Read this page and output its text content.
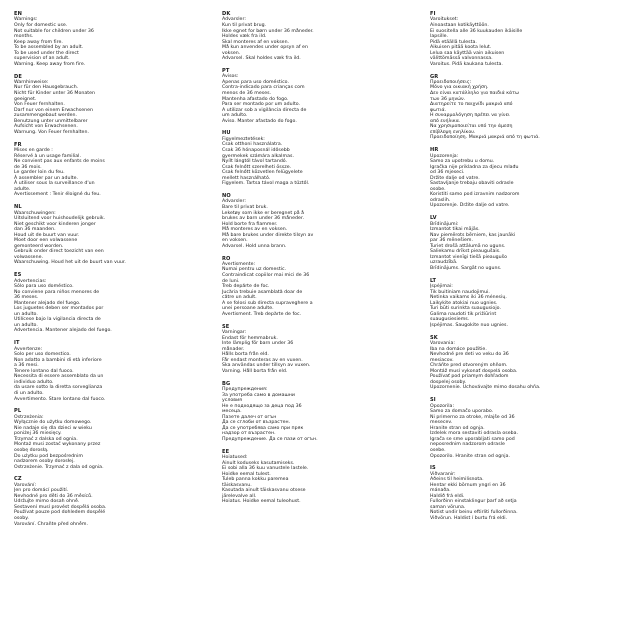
EN
Warnings:
Only for domestic use.
Not suitable for children under 36
months.
Keep away from fire.
To be assembled by an adult.
To be used under the direct
supervision of an adult.
Warning. Keep away from fire.
DE
Warnhinweise:
Nur für den Hausgebrauch.
Nicht für Kinder unter 36 Monaten
geeignet.
Von Feuer fernhalten.
Darf nur von einem Erwachsenen
zusammengebaut werden.
Benutzung unter unmittelbarer
Aufsicht von Erwachsenen.
Warnung. Von Feuer fernhalten.
FR
Mises en garde :
Réservé à un usage familial.
Ne convient pas aux enfants de moins
de 36 mois.
Le garder loin du feu.
À assembler par un adulte.
À utiliser sous la surveillance d'un
adulte.
Avertissement : Tenir éloigné du feu.
NL
Waarschuwingen:
Uitsluitend voor huishoudelijk gebruik.
Niet geschikt voor kinderen jonger
dan 36 maanden.
Houd uit de buurt van vuur.
Moet door een volwassene
gemonteerd worden.
Gebruik onder direct toezicht van een
volwassene.
Waarschuwing. Houd het uit de buurt van vuur.
ES
Advertencias:
Sólo para uso doméstico.
No conviene para niños menores de
36 meses.
Mantener alejado del fuego.
Los juguetes deben ser montados por
un adulto.
Utilícese bajo la vigilancia directa de
un adulto.
Advertencia. Mantener alejado del fuego.
IT
Avvertenze:
Solo per uso domestico.
Non adatto a bambini di età inferiore
a 36 mesi.
Tenere lontano dal fuoco.
Necessita di essere assemblato da un
individuo adulto.
da usare sotto la diretta sorveglianza
di un adulto.
Avvertimento. Stare lontano dal fuoco.
PL
Ostrzeżenia:
Wyłącznie do użytku domowego.
Nie nadaje się dla dzieci w wieku
poniżej 36 miesięcy.
Trzymać z dalska od ognia.
Montaż musi zostać wykonany przez
osobę dorosłą.
Do użytku pod bezpośrednim
nadzorem osoby dorosłej.
Ostrzeżenie. Trzymać z dala od ognia.
CZ
Varování:
Jen pro domácí použití.
Nevhodné pro děti do 36 měsíců.
Udržujte mimo dosah ohně.
Sestavení musí provést dospělá osoba.
Používat pouze pod dohledem dospělé
osoby.
Varování. Chraňte před ohněm.
DK
Advarsler:
Kun til privat brug.
Ikke egnet for børn under 36 måneder.
Holdes væk fra ild.
Skal monteres af en voksen.
Må kun anvendes under opsyn af en
voksen.
Advarsel. Skal holdes væk fra ild.
PT
Avisos:
Apenas para uso doméstico.
Contra-indicado para crianças com
menos de 36 meses.
Mantenha afastado do fogo.
Para ser montado por um adulto.
A utilizar sob a vigilância directa de
um adulto.
Aviso. Manter afastado do fogo.
HU
Figyelmeztetések:
Csak otthoni használatra.
Csak 36 hónaposnál idősebb
gyermekek számára alkalmas.
Nyílt lángtól távol tartandó.
Csak felnőtt szerelheti össze.
Csak felnőtt közvetlen felügyelete
mellett használható.
Figyelem. Tartsa távol maga a tűztől.
NO
Advarsler:
Bare til privat bruk.
Leketøy som ikke er beregnet på å
brukes av barn under 36 måneder.
Hold borte fra flammer.
Må monteres av en voksen.
Må bare brukes under direkte tilsyn av
en voksen.
Advarsel. Hold unna brann.
RO
Avertismente:
Numai pentru uz domestic.
Contraindicat copiilor mai mici de 36
de luni.
Treb depărte de foc.
Jucăria trebuie asamblată doar de
către un adult.
A se folosi sub directa supraveghere a
unei persoane adulte.
Avertisment. Treb depărte de foc.
SE
Varningar:
Endast för hemmabruk.
Inte lämplig för barn under 36
månader.
Hålls borta från eld.
Får endast monteras av en vuxen.
Ska användas under tillsyn av vuxen.
Varning. Håll borta från eld.
BG
Предупреждения:
За употреба само в домашни
условия
Не е подходящо за деца под 36
месеца.
Пазете далеч от огън
Да се сглоби от възрастен.
Да се употребява само при пряк
надзор от възрастен.
Предупреждение. Да се пази от огън.
EE
Hoiatused:
Ainult koduseks kasutamiseks.
Ei sobi alla 36 kuu vanustele lastele.
Hoidke eemal tulest.
Tuleb panna kokku paremea
täiskasvanu.
Kasutada ainult täiskasvanu otsese
järelevalve all.
Hoiatus. Hoidke eemal tuleohust.
FI
Varoitukset:
Ainoastaan kotikäyttöön.
Ei suositella alle 36 kuukauden ikäisille
lapsille.
Pidä etäällä tulesta.
Aikuisen pitää koota lelut.
Lelua saa käyttää vain aikuisen
välittömässä valvonnassa.
Varoitus. Pidä kaukana tulesta.
GR
Προειδοποιήσεις:
Μόνο για οικιακή χρήση.
Δεν είναι κατάλληλο για παιδιά κάτω
των 36 μηνών.
Διατηρείτε το παιχνίδι μακριά από
φωτιά.
Η συναρμολόγηση πρέπει να γίνει
από ενήλικα.
Να χρησιμοποιείται υπό την άμεση
επίβλεψη ενηλίκου.
Προειδοποίηση. Μακριά μακριά από τη φωτιά.
HR
Upozorenja:
Samo za upotrebu u domu.
Igračka nije prikladna za djecu mlađu
od 36 mjeseci.
Držite dalje od vatre.
Sastavljanje trebaju obaviti odrasle
osobe.
Koristiti samo pod izravnim nadzorom
odraslih.
Upozorenje. Držite dalje od vatre.
LV
Brīdinājumi:
Izmantot tikai mājās.
Nav piemērots bērniem, kas jaunāki
par 36 mēnešiem.
Turiet drošā attālumā no uguns.
Saliekamu drīkst pieaugušais.
Izmantot vienīgi tiešā pieaugušo
uzraudzībā.
Brīdinājums. Sargāt no uguns.
LT
Įspėjimai:
Tik buitiniam naudojimui.
Netinka vaikams iki 36 mėnesių.
Laikykite atokiai nuo ugnies.
Turi būti surinkta suaugusiojo.
Galima naudoti tik prižiūrint
suaugusiesiems.
Įspėjimas. Saugokite nuo ugnies.
SK
Varovania:
Iba na domáce použitie.
Nevhodné pre deti vo veku do 36
mesiacov.
Chráňte pred otvoreným ohňom.
Montáž musí vykonať dospelá osoba.
Používať pod priamym dohľadom
dospelej osoby.
Upozornenie. Uchovávajte mimo dosahu ohňa.
SI
Opozorila:
Samo za domačo uporabo.
Ni primerno za otroke, mlajše od 36
mesecev.
Hranite stran od ognja.
Izdelek mora sestaviti odrasla oseba.
Igrača se sme uporabljati samo pod
neposrednim nadzorom odrasle
osebe.
Opozorilo. Hranite stran od ognja.
IS
Viðvaranir:
Aðeins til heimilisnota.
Hentar ekki börnum yngri en 36
mánaða.
Haldið frá eldi.
Fullorðinn einstaklingur þarf að setja
saman vöruna.
Notist undir beinu eftirliti fullorðinna.
Viðvörun. Haldist í burtu frá eldi.
